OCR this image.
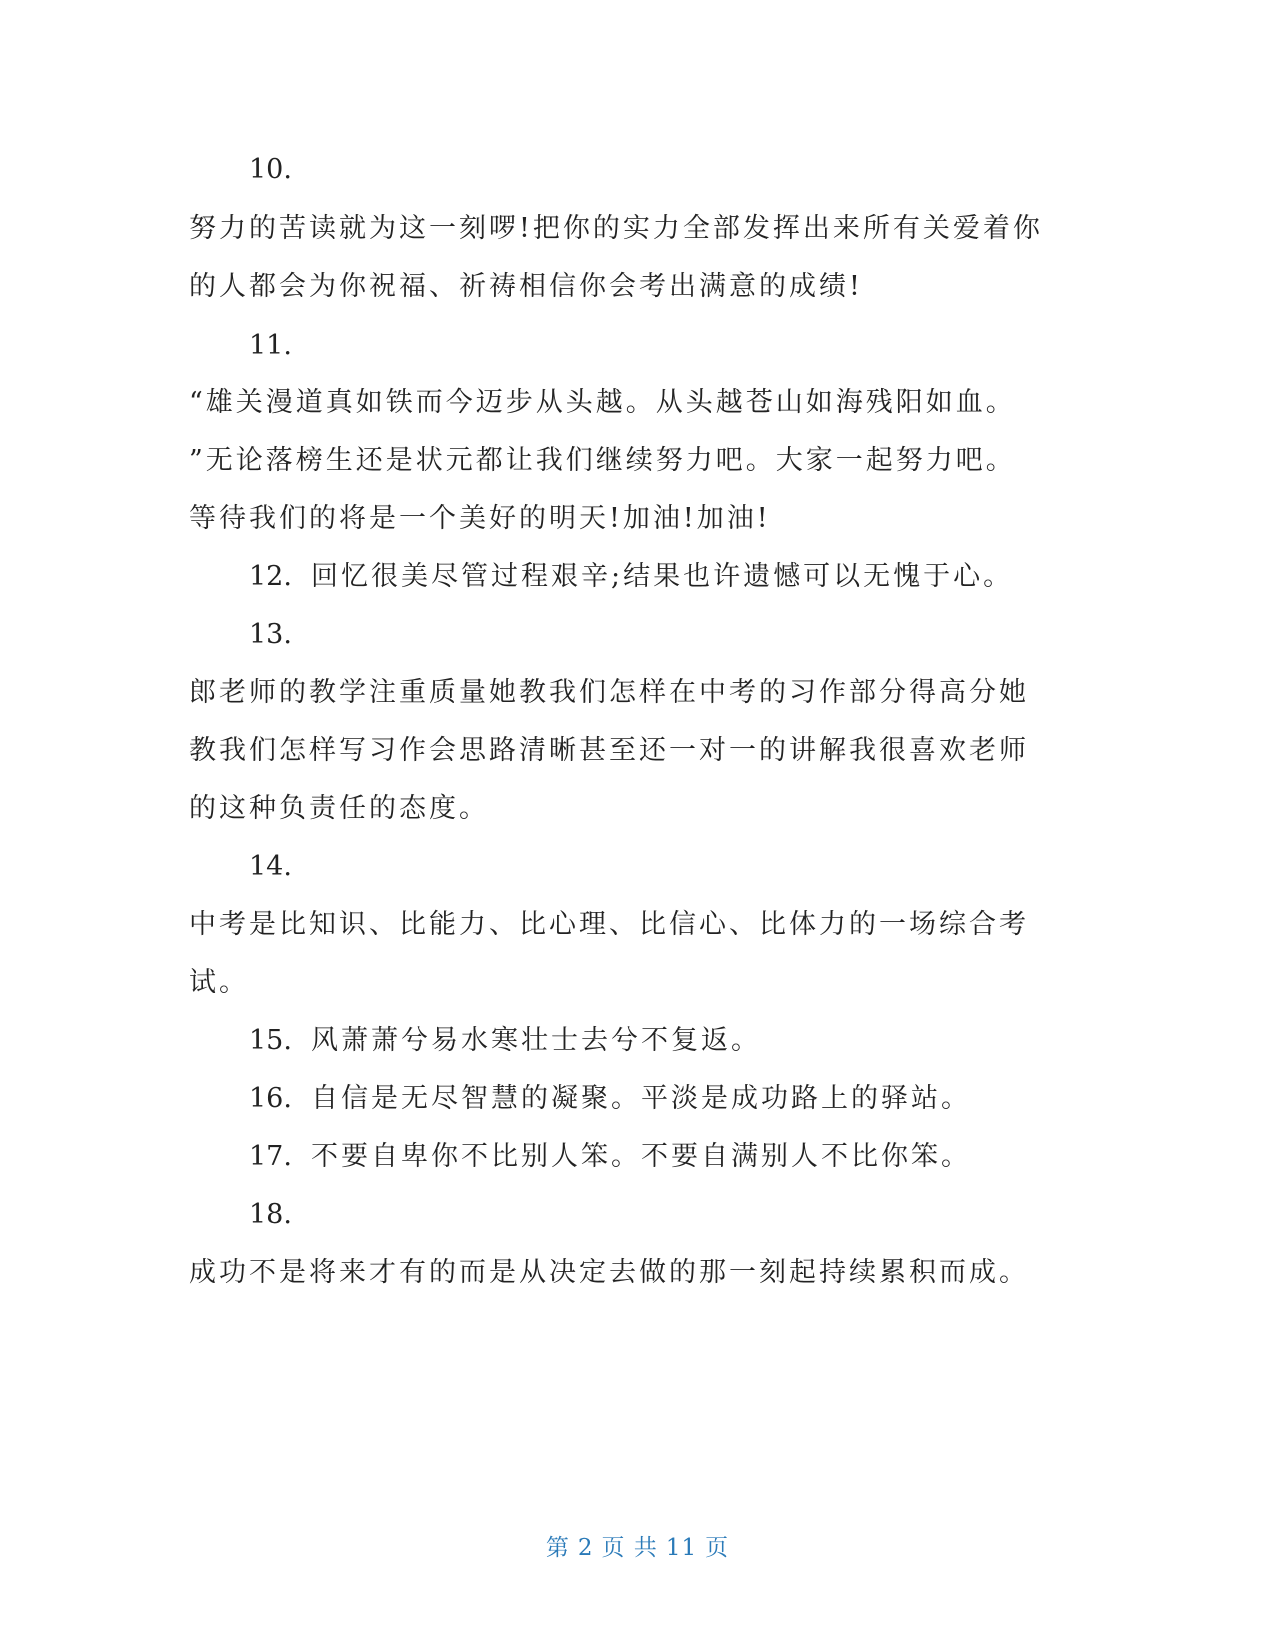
10.
努力的苦读就为这一刻啰!把你的实力全部发挥出来所有关爱着你
的人都会为你祝福、祈祷相信你会考出满意的成绩!
11.
“雄关漫道真如铁而今迈步从头越。从头越苍山如海残阳如血。
”无论落榜生还是状元都让我们继续努力吧。大家一起努力吧。
等待我们的将是一个美好的明天!加油!加油!
12. 回忆很美尽管过程艰辛;结果也许遗憾可以无愧于心。
13.
郎老师的教学注重质量她教我们怎样在中考的习作部分得高分她
教我们怎样写习作会思路清晰甚至还一对一的讲解我很喜欢老师
的这种负责任的态度。
14.
中考是比知识、比能力、比心理、比信心、比体力的一场综合考
试。
15. 风萧萧兮易水寒壮士去兮不复返。
16. 自信是无尽智慧的凝聚。平淡是成功路上的驿站。
17. 不要自卑你不比别人笨。不要自满别人不比你笨。
18.
成功不是将来才有的而是从决定去做的那一刻起持续累积而成。
第 2 页 共 11 页
